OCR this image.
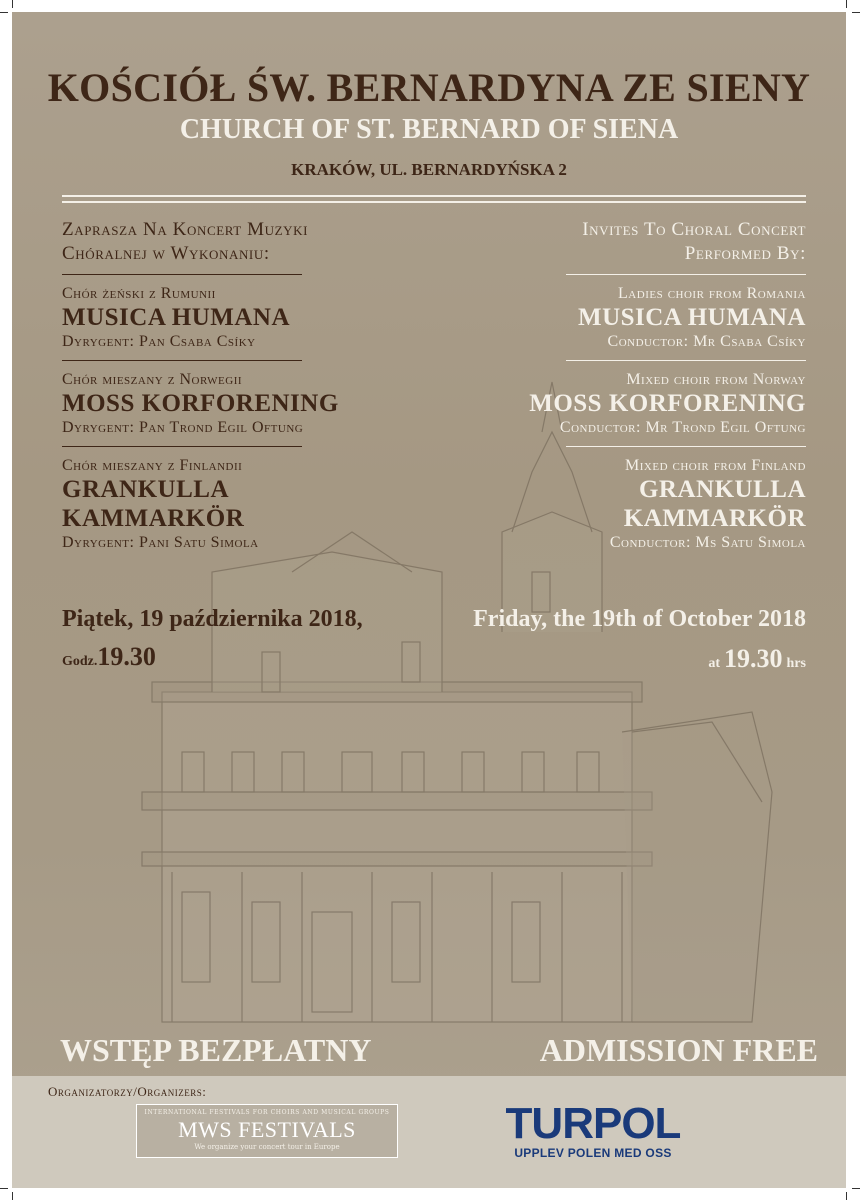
KOŚCIÓŁ ŚW. BERNARDYNA ZE SIENY
CHURCH OF ST. BERNARD OF SIENA
KRAKÓW, UL. BERNARDYŃSKA 2

Zaprasza Na Koncert Muzyki

Chóralnej w Wykonaniu:

Chór żeński z Rumunii
MUSICA HUMANA
Dyrygent: Pan Csaba Csíky
Chór mieszany z Norwegii
MOSS KORFORENING
Dyrygent: Pan Trond Egil Oftung
Chór mieszany z Finlandii
GRANKULLA
KAMMARKÖR
Dyrygent: Pani Satu Simola

Invites To Choral Concert

Performed By:

Ladies choir from Romania
MUSICA HUMANA
Conductor: Mr Csaba Csíky
Mixed choir from Norway
MOSS KORFORENING
Conductor: Mr Trond Egil Oftung
Mixed choir from Finland
GRANKULLA
KAMMARKÖR
Conductor: Ms Satu Simola
Piątek, 19 października 2018,
Godz.19.30
Friday, the 19th of October 2018
at 19.30 hrs
WSTĘP BEZPŁATNY	ADMISSION FREE
Organizatorzy/Organizers:
INTERNATIONAL FESTIVALS FOR CHOIRS AND MUSICAL GROUPS
MWS FESTIVALS
We organize your concert tour in Europe	TURPOL
UPPLEV POLEN MED OSS
